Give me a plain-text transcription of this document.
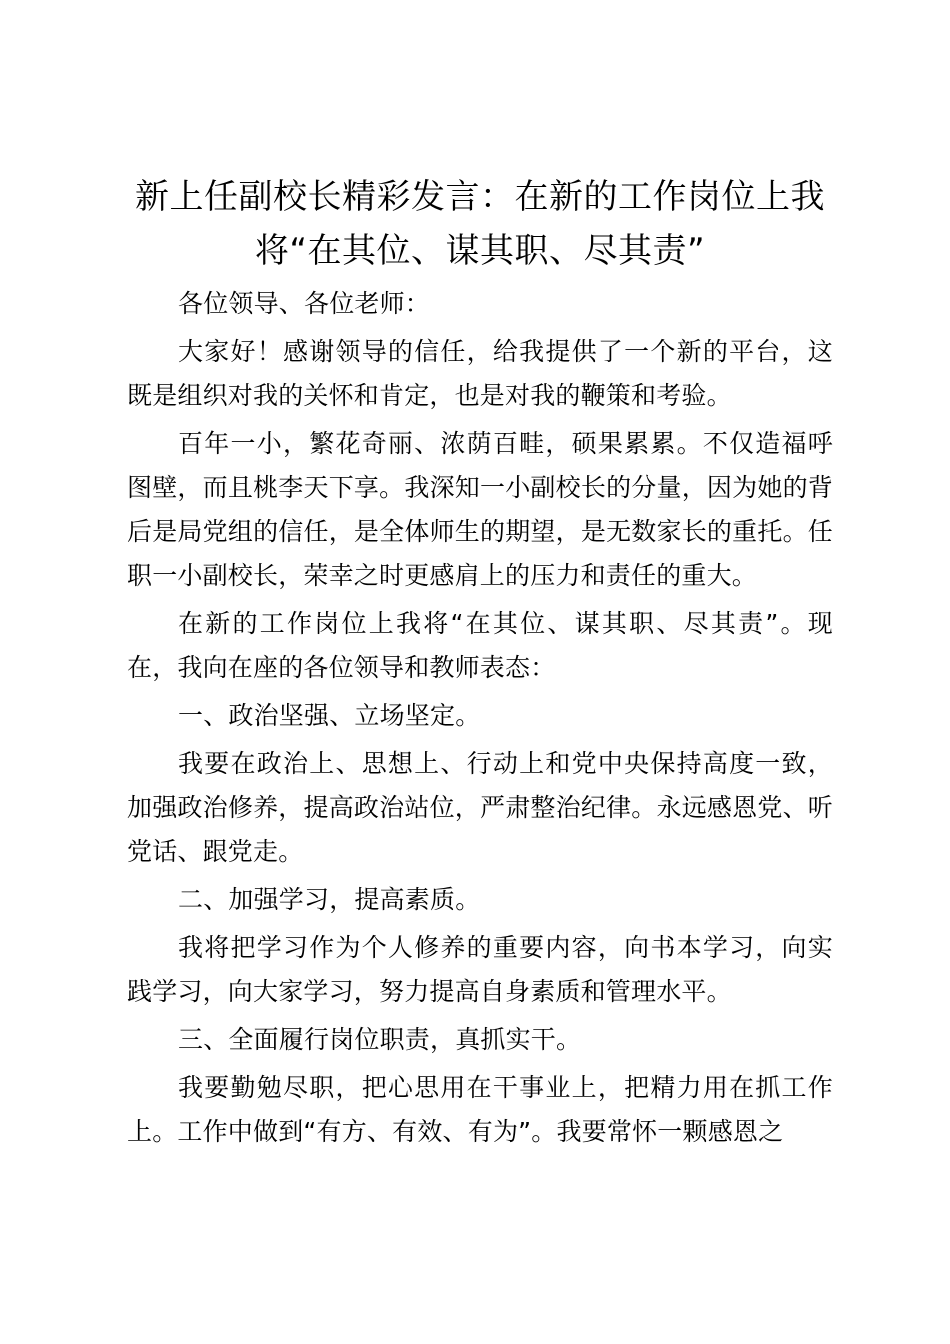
新上任副校长精彩发言：在新的工作岗位上我将“在其位、谋其职、尽其责”

各位领导、各位老师：

大家好！感谢领导的信任，给我提供了一个新的平台，这既是组织对我的关怀和肯定，也是对我的鞭策和考验。

百年一小，繁花奇丽、浓荫百畦，硕果累累。不仅造福呼图壁，而且桃李天下享。我深知一小副校长的分量，因为她的背后是局党组的信任，是全体师生的期望，是无数家长的重托。任职一小副校长，荣幸之时更感肩上的压力和责任的重大。

在新的工作岗位上我将“在其位、谋其职、尽其责”。现在，我向在座的各位领导和教师表态：

一、政治坚强、立场坚定。

我要在政治上、思想上、行动上和党中央保持高度一致，加强政治修养，提高政治站位，严肃整治纪律。永远感恩党、听党话、跟党走。

二、加强学习，提高素质。

我将把学习作为个人修养的重要内容，向书本学习，向实践学习，向大家学习，努力提高自身素质和管理水平。

三、全面履行岗位职责，真抓实干。

我要勤勉尽职，把心思用在干事业上，把精力用在抓工作上。工作中做到“有方、有效、有为”。我要常怀一颗感恩之
